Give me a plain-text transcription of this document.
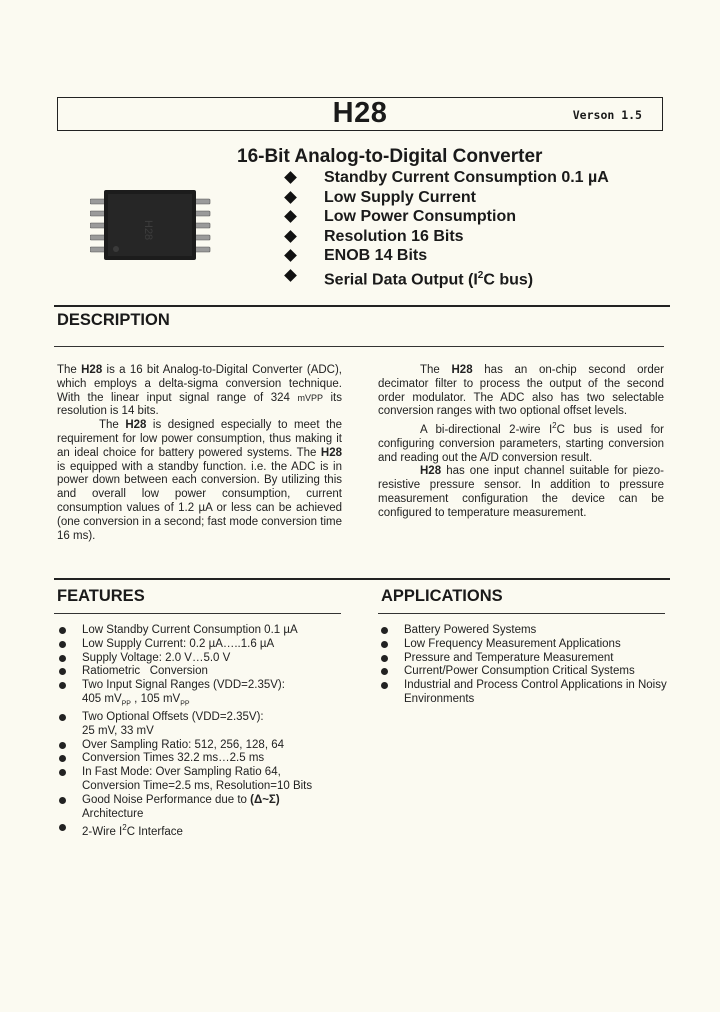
H28	Verson 1.5
16-Bit Analog-to-Digital Converter
H28
Standby Current Consumption 0.1 µA
Low Supply Current
Low Power Consumption
Resolution 16 Bits
ENOB 14 Bits
Serial Data Output ($I^2C$ bus)
DESCRIPTION

The H28 is a 16 bit Analog-to-Digital Converter (ADC), which employs a delta-sigma conversion technique. With the linear input signal range of 324 mVPP its resolution is 14 bits.

The H28 is designed especially to meet the requirement for low power consumption, thus making it an ideal choice for battery powered systems. The H28 is equipped with a standby function. i.e. the ADC is in power down between each conversion. By utilizing this and overall low power consumption, current consumption values of 1.2 µA or less can be achieved (one conversion in a second; fast mode conversion time 16 ms).

The H28 has an on-chip second order decimator filter to process the output of the second order modulator. The ADC also has two selectable conversion ranges with two optional offset levels.

A bi-directional 2-wire $I^2C$ bus is used for configuring conversion parameters, starting conversion and reading out the A/D conversion result.

H28 has one input channel suitable for piezo-resistive pressure sensor. In addition to pressure measurement configuration the device can be configured to temperature measurement.

FEATURES	APPLICATIONS
Low Standby Current Consumption 0.1 µA
Low Supply Current: 0.2 µA…..1.6 µA
Supply Voltage: 2.0 V…5.0 V
Ratiometric   Conversion
Two Input Signal Ranges (VDD=2.35V):
405 $mV_{PP}$ , 105 $mV_{PP}$
Two Optional Offsets (VDD=2.35V):
25 mV, 33 mV
Over Sampling Ratio: 512, 256, 128, 64
Conversion Times 32.2 ms…2.5 ms
In Fast Mode: Over Sampling Ratio 64,
Conversion Time=2.5 ms, Resolution=10 Bits
Good Noise Performance due to (Δ~Σ)
Architecture
2-Wire $I^2C$ Interface
Battery Powered Systems
Low Frequency Measurement Applications
Pressure and Temperature Measurement
Current/Power Consumption Critical Systems
Industrial and Process Control Applications in Noisy Environments
